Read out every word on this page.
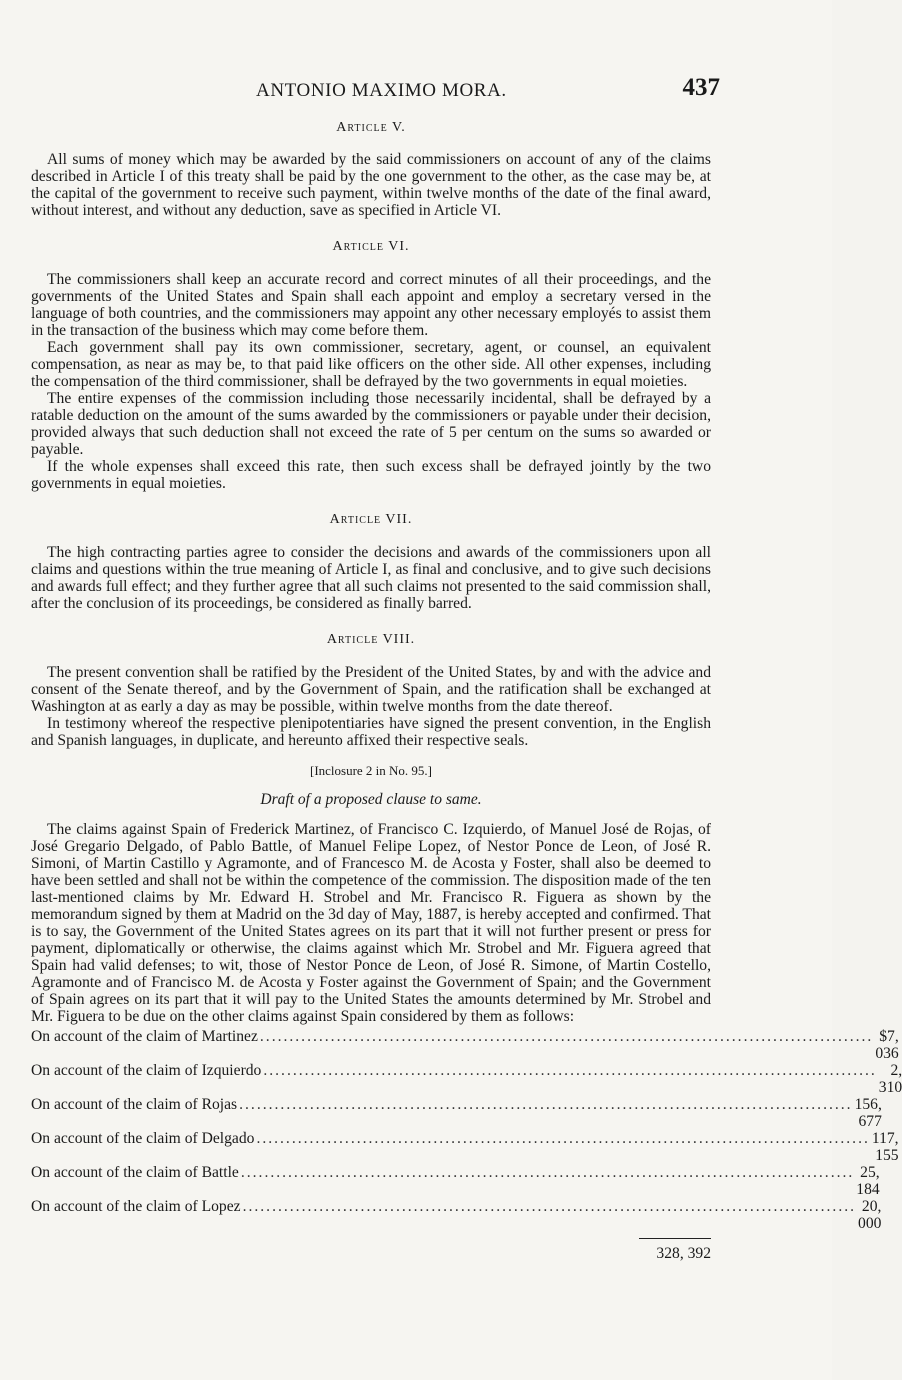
ANTONIO MAXIMO MORA.	437

Article V.

All sums of money which may be awarded by the said commissioners on account of any of the claims described in Article I of this treaty shall be paid by the one government to the other, as the case may be, at the capital of the government to receive such payment, within twelve months of the date of the final award, without interest, and without any deduction, save as specified in Article VI.

Article VI.

The commissioners shall keep an accurate record and correct minutes of all their proceedings, and the governments of the United States and Spain shall each appoint and employ a secretary versed in the language of both countries, and the commissioners may appoint any other necessary employés to assist them in the transaction of the business which may come before them.

Each government shall pay its own commissioner, secretary, agent, or counsel, an equivalent compensation, as near as may be, to that paid like officers on the other side. All other expenses, including the compensation of the third commissioner, shall be defrayed by the two governments in equal moieties.

The entire expenses of the commission including those necessarily incidental, shall be defrayed by a ratable deduction on the amount of the sums awarded by the commissioners or payable under their decision, provided always that such deduction shall not exceed the rate of 5 per centum on the sums so awarded or payable.

If the whole expenses shall exceed this rate, then such excess shall be defrayed jointly by the two governments in equal moieties.

Article VII.

The high contracting parties agree to consider the decisions and awards of the commissioners upon all claims and questions within the true meaning of Article I, as final and conclusive, and to give such decisions and awards full effect; and they further agree that all such claims not presented to the said commission shall, after the conclusion of its proceedings, be considered as finally barred.

Article VIII.

The present convention shall be ratified by the President of the United States, by and with the advice and consent of the Senate thereof, and by the Government of Spain, and the ratification shall be exchanged at Washington at as early a day as may be possible, within twelve months from the date thereof.

In testimony whereof the respective plenipotentiaries have signed the present convention, in the English and Spanish languages, in duplicate, and hereunto affixed their respective seals.

[Inclosure 2 in No. 95.]

Draft of a proposed clause to same.

The claims against Spain of Frederick Martinez, of Francisco C. Izquierdo, of Manuel José de Rojas, of José Gregario Delgado, of Pablo Battle, of Manuel Felipe Lopez, of Nestor Ponce de Leon, of José R. Simoni, of Martin Castillo y Agramonte, and of Francesco M. de Acosta y Foster, shall also be deemed to have been settled and shall not be within the competence of the commission. The disposition made of the ten last-mentioned claims by Mr. Edward H. Strobel and Mr. Francisco R. Figuera as shown by the memorandum signed by them at Madrid on the 3d day of May, 1887, is hereby accepted and confirmed. That is to say, the Government of the United States agrees on its part that it will not further present or press for payment, diplomatically or otherwise, the claims against which Mr. Strobel and Mr. Figuera agreed that Spain had valid defenses; to wit, those of Nestor Ponce de Leon, of José R. Simone, of Martin Costello, Agramonte and of Francisco M. de Acosta y Foster against the Government of Spain; and the Government of Spain agrees on its part that it will pay to the United States the amounts determined by Mr. Strobel and Mr. Figuera to be due on the other claims against Spain considered by them as follows:

On account of the claim of Martinez ........................................................................................................ $7, 036
On account of the claim of Izquierdo ........................................................................................................ 2, 310
On account of the claim of Rojas ........................................................................................................ 156, 677
On account of the claim of Delgado ........................................................................................................ 117, 155
On account of the claim of Battle ........................................................................................................ 25, 184
On account of the claim of Lopez ........................................................................................................ 20, 000
328, 392
